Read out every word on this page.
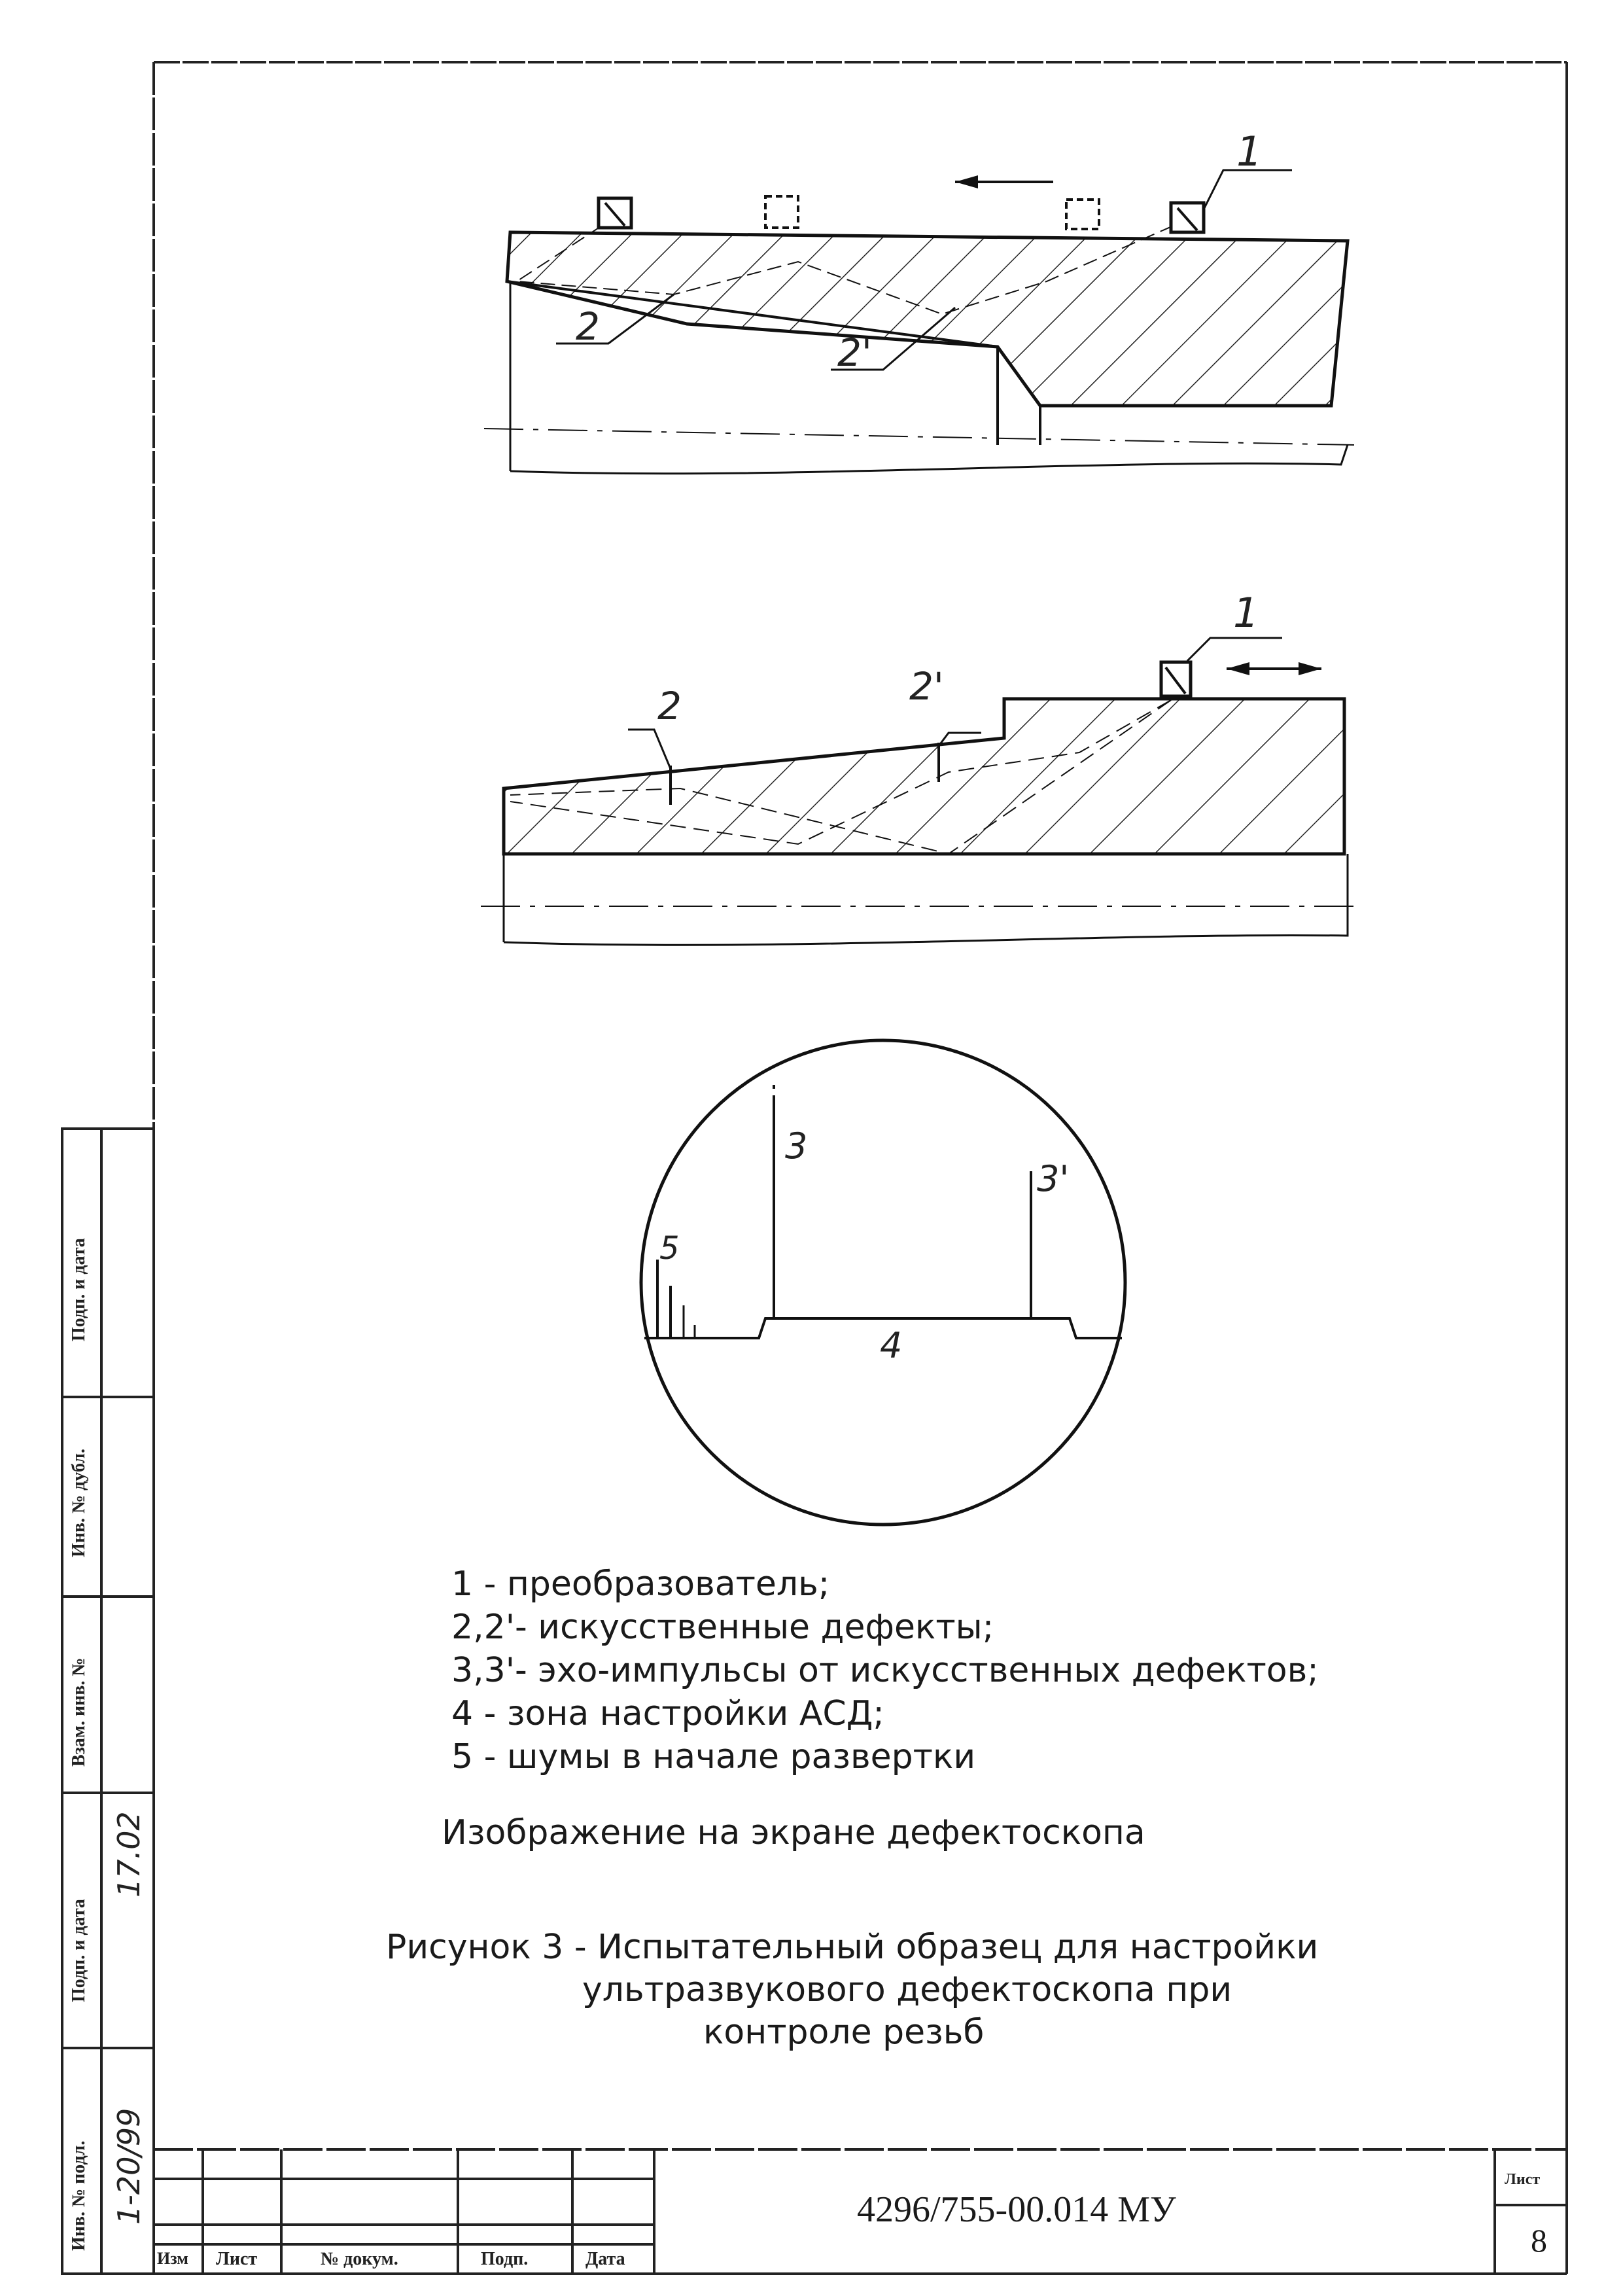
1
2
2'
1
2	2'
3
3'
4
5
1 - преобразователь;
2,2'- искусственные дефекты;
3,3'- эхо-импульсы от искусственных дефектов;
4 - зона настройки АСД;
5 - шумы в начале развертки
Изображение на экране дефектоскопа
Рисунок 3 - Испытательный образец для настройки
ультразвукового дефектоскопа при
контроле резьб
Изм Лист	№ докум.	Подп.	Дата
4296/755-00.014 МУ
Лист
8
Подп. и дата
Инв. № дубл.
Взам. инв. №
Подп. и дата
Инв. № подл.
17.02
1-20/99
